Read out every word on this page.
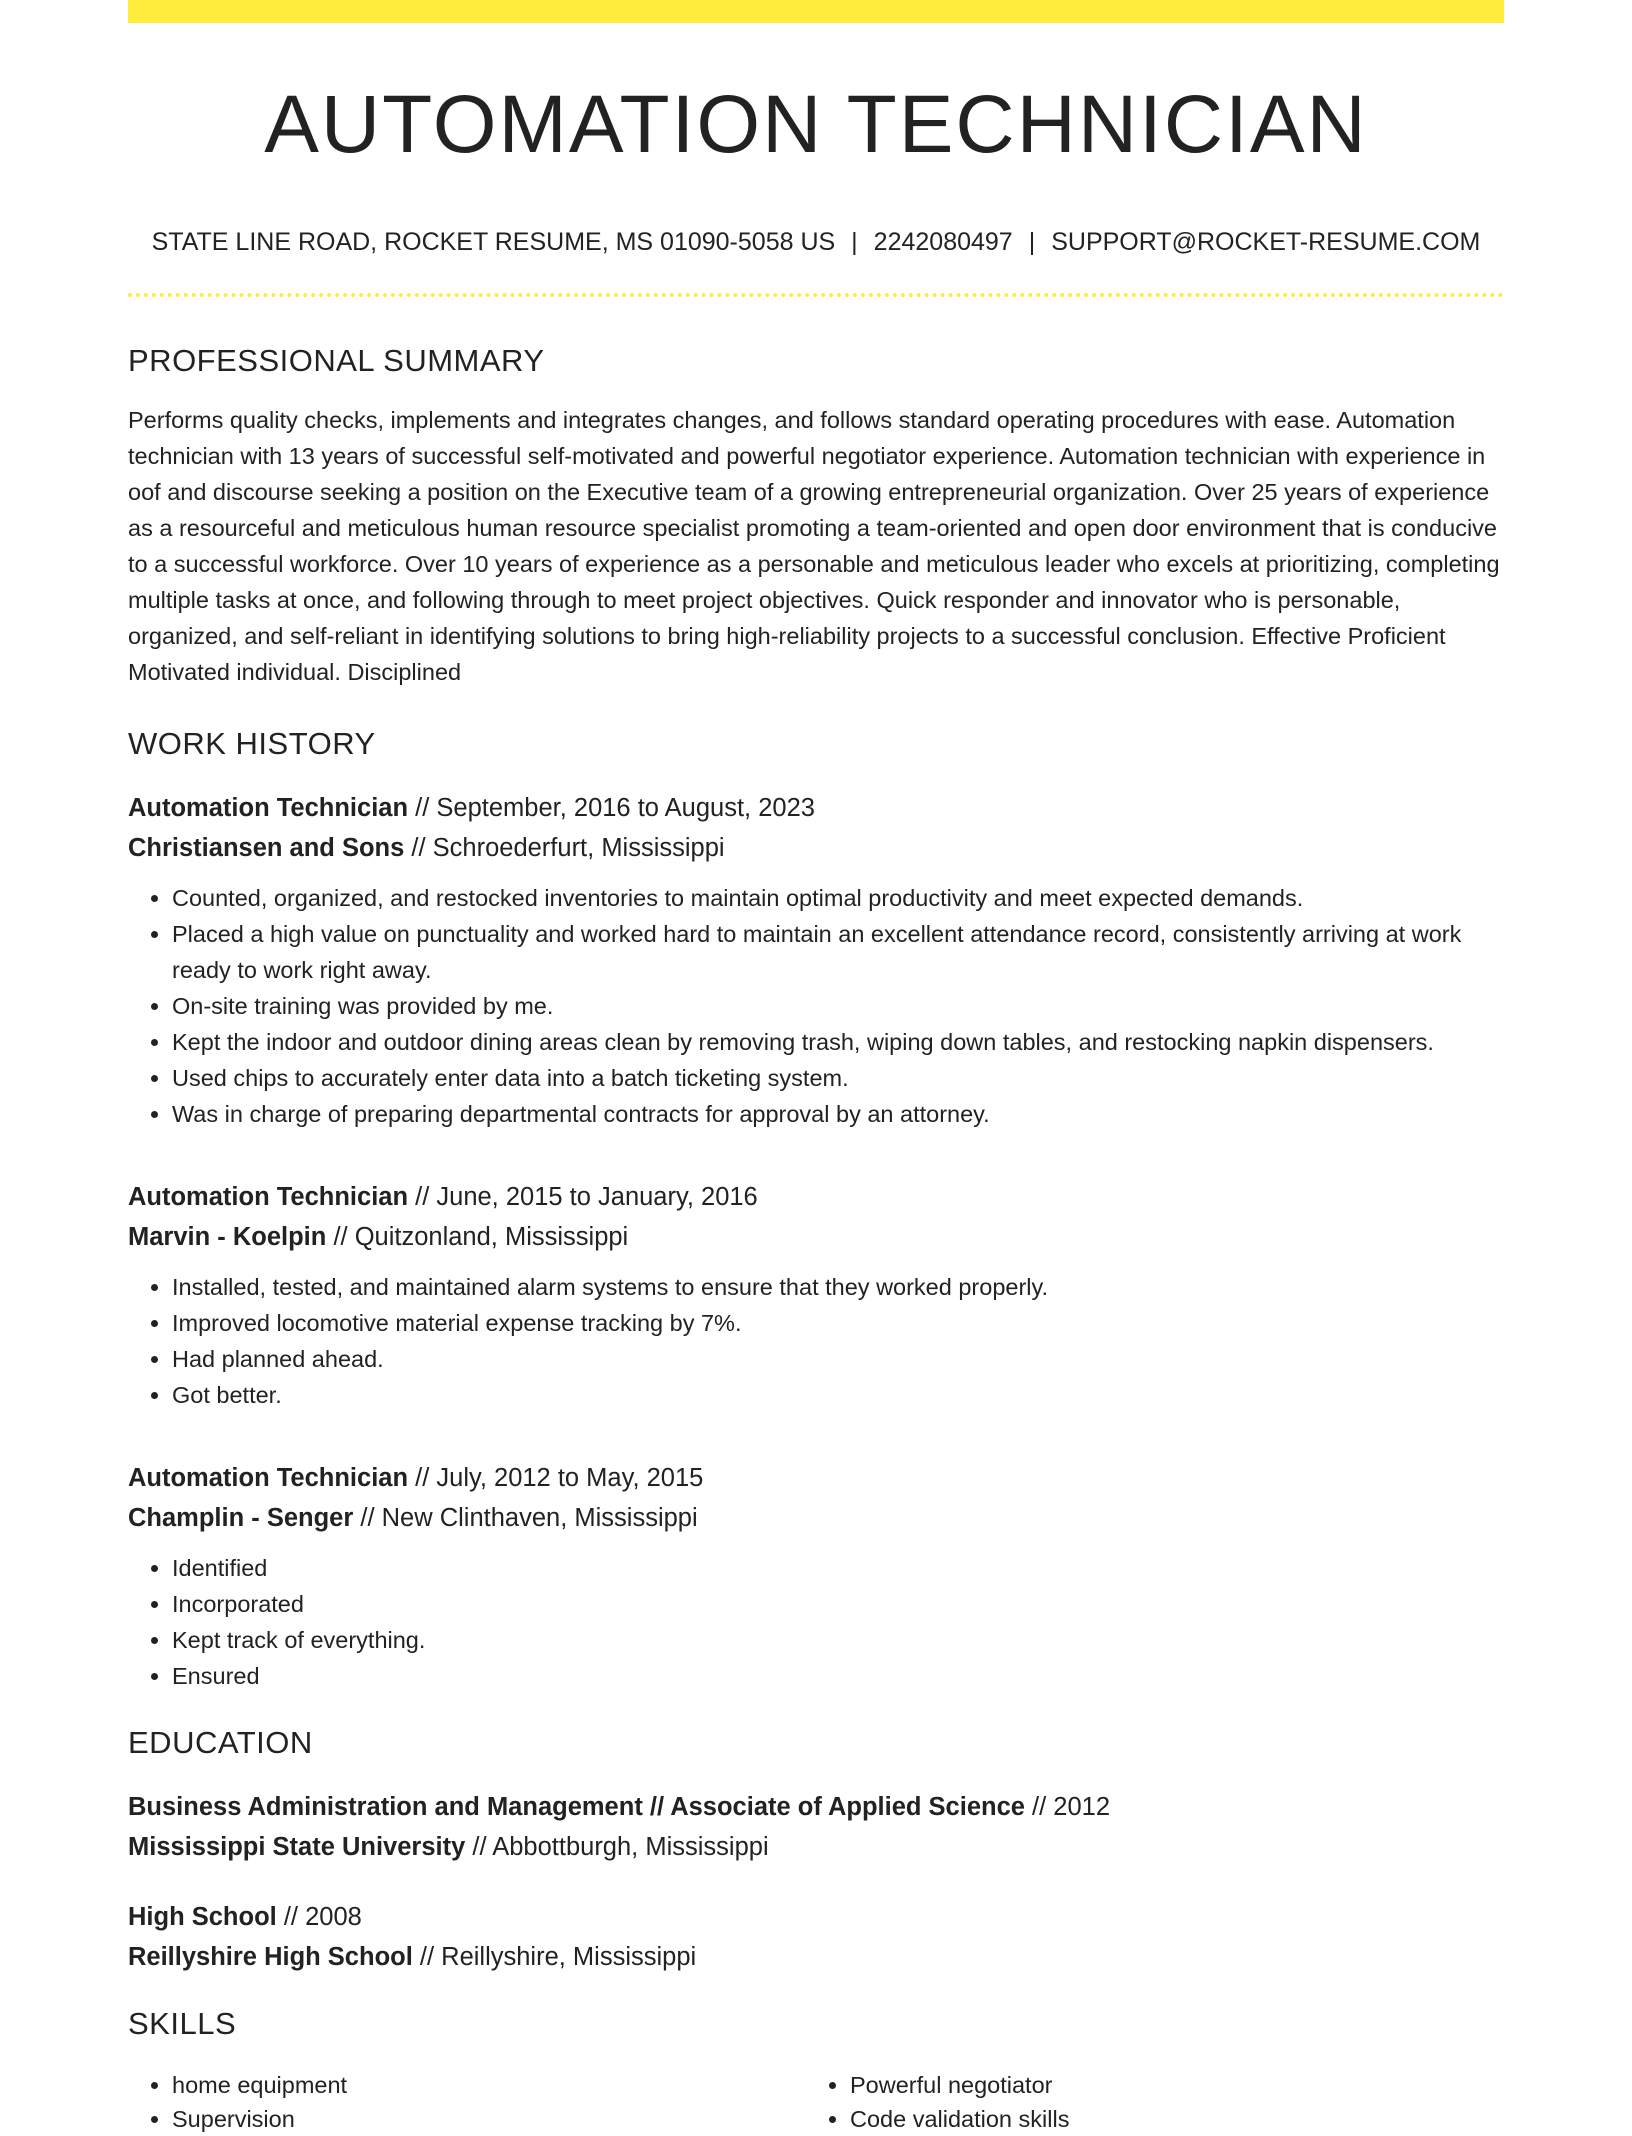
AUTOMATION TECHNICIAN
STATE LINE ROAD, ROCKET RESUME, MS 01090-5058 US | 2242080497 | SUPPORT@ROCKET-RESUME.COM
PROFESSIONAL SUMMARY

Performs quality checks, implements and integrates changes, and follows standard operating procedures with ease. Automation technician with 13 years of successful self-motivated and powerful negotiator experience. Automation technician with experience in oof and discourse seeking a position on the Executive team of a growing entrepreneurial organization. Over 25 years of experience as a resourceful and meticulous human resource specialist promoting a team-oriented and open door environment that is conducive to a successful workforce. Over 10 years of experience as a personable and meticulous leader who excels at prioritizing, completing multiple tasks at once, and following through to meet project objectives. Quick responder and innovator who is personable, organized, and self-reliant in identifying solutions to bring high-reliability projects to a successful conclusion. Effective Proficient Motivated individual. Disciplined

WORK HISTORY
Automation Technician // September, 2016 to August, 2023
Christiansen and Sons // Schroederfurt, Mississippi
• Counted, organized, and restocked inventories to maintain optimal productivity and meet expected demands.
• Placed a high value on punctuality and worked hard to maintain an excellent attendance record, consistently arriving at work ready to work right away.
• On-site training was provided by me.
• Kept the indoor and outdoor dining areas clean by removing trash, wiping down tables, and restocking napkin dispensers.
• Used chips to accurately enter data into a batch ticketing system.
• Was in charge of preparing departmental contracts for approval by an attorney.
Automation Technician // June, 2015 to January, 2016
Marvin - Koelpin // Quitzonland, Mississippi
• Installed, tested, and maintained alarm systems to ensure that they worked properly.
• Improved locomotive material expense tracking by 7%.
• Had planned ahead.
• Got better.
Automation Technician // July, 2012 to May, 2015
Champlin - Senger // New Clinthaven, Mississippi
• Identified
• Incorporated
• Kept track of everything.
• Ensured
EDUCATION
Business Administration and Management // Associate of Applied Science // 2012
Mississippi State University // Abbottburgh, Mississippi
High School // 2008
Reillyshire High School // Reillyshire, Mississippi
SKILLS
• home equipment
• Supervision
• Powerful negotiator
• Code validation skills
